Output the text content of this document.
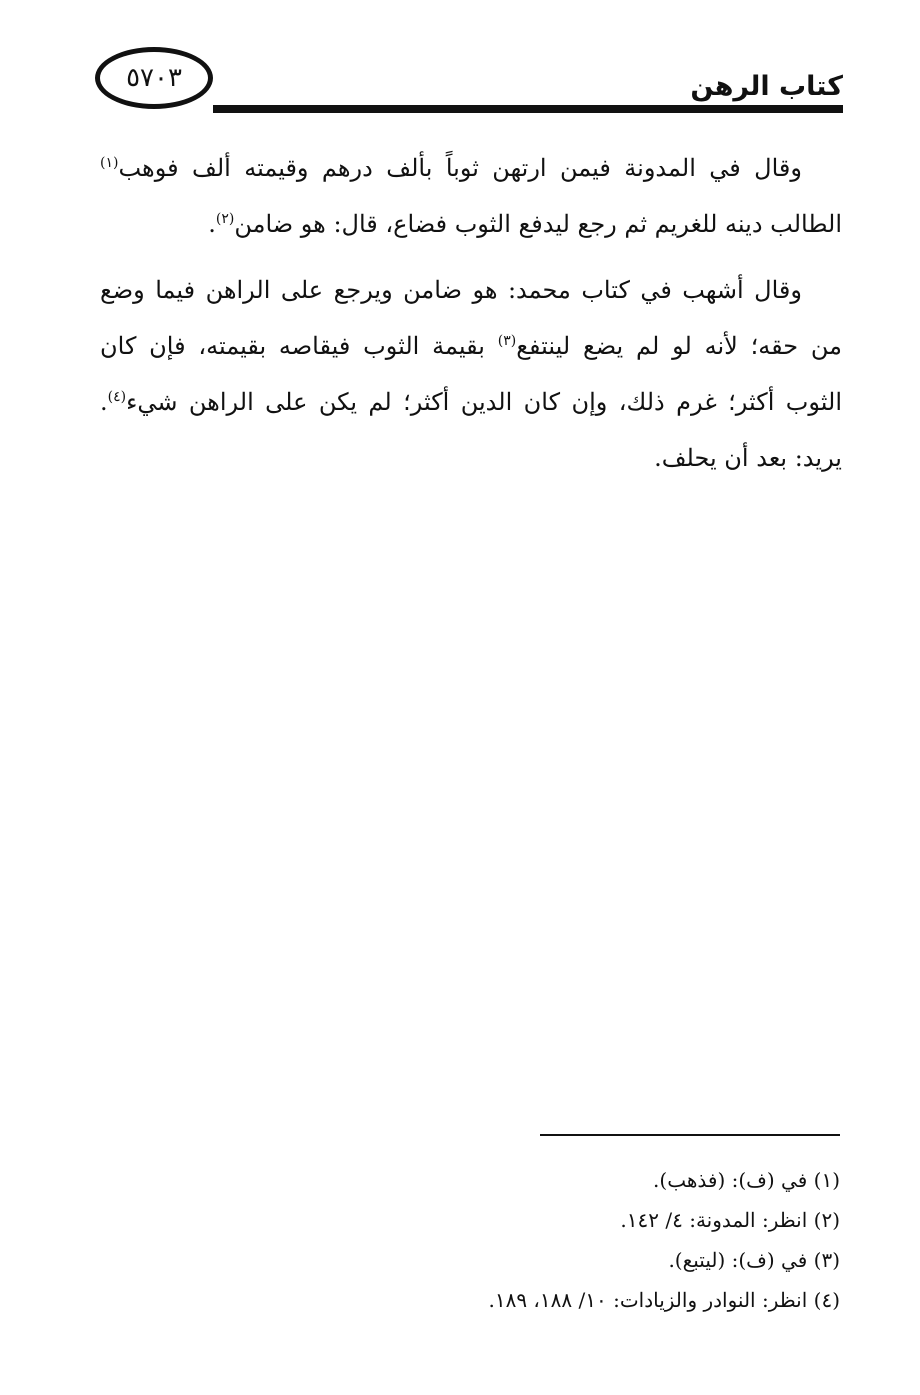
٥٧٠٣	كتاب الرهن

وقال في المدونة فيمن ارتهن ثوباً بألف درهم وقيمته ألف فوهب$^{(١)}$ الطالب دينه للغريم ثم رجع ليدفع الثوب فضاع، قال: هو ضامن$^{(٢)}$.

وقال أشهب في كتاب محمد: هو ضامن ويرجع على الراهن فيما وضع من حقه؛ لأنه لو لم يضع لينتفع$^{(٣)}$ بقيمة الثوب فيقاصه بقيمته، فإن كان الثوب أكثر؛ غرم ذلك، وإن كان الدين أكثر؛ لم يكن على الراهن شيء$^{(٤)}$. يريد: بعد أن يحلف.

(١) في (ف): (فذهب).

(٢) انظر: المدونة: ٤/ ١٤٢.

(٣) في (ف): (ليتبع).

(٤) انظر: النوادر والزيادات: ١٠/ ١٨٨، ١٨٩.
